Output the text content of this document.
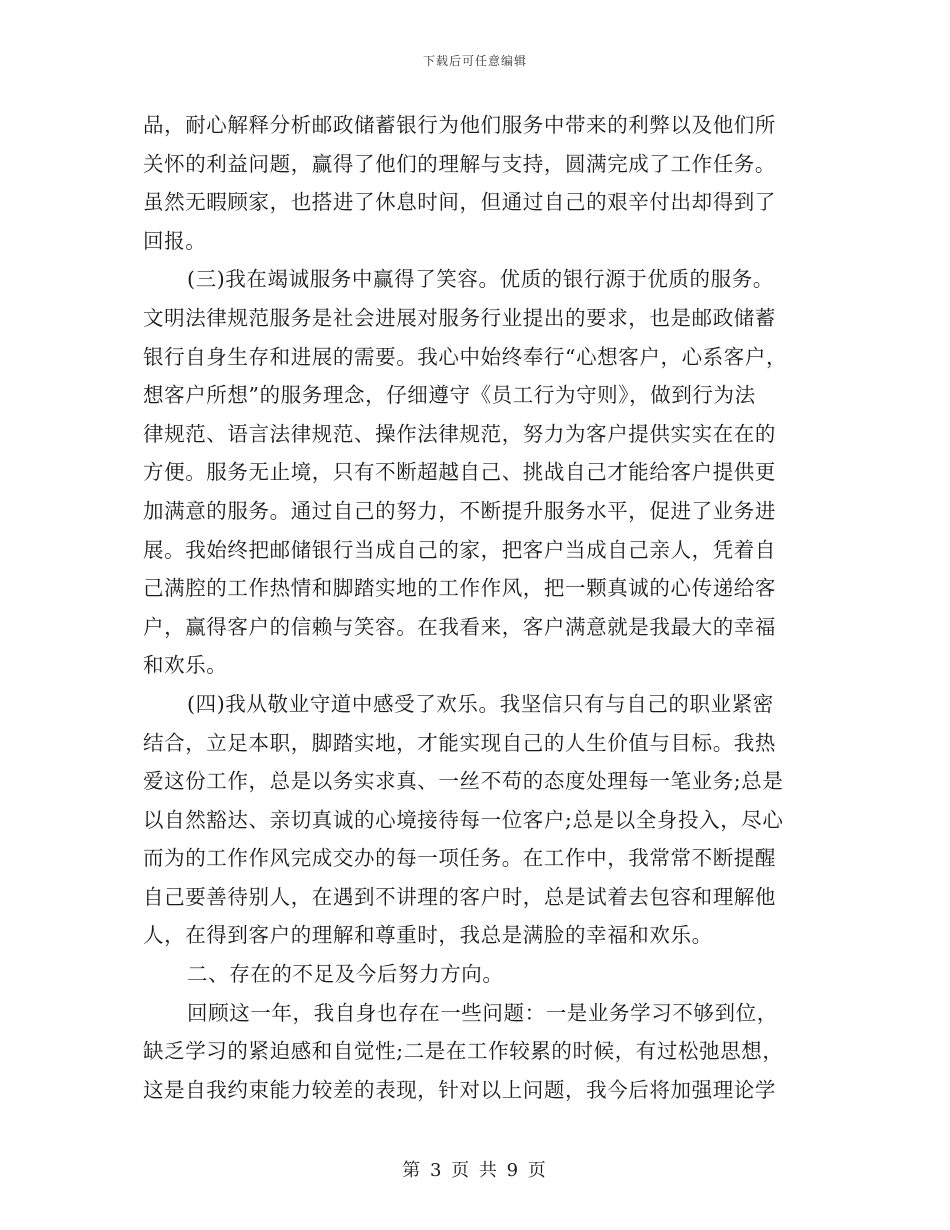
下载后可任意编辑
品，耐心解释分析邮政储蓄银行为他们服务中带来的利弊以及他们所
关怀的利益问题，赢得了他们的理解与支持，圆满完成了工作任务。
虽然无暇顾家，也搭进了休息时间，但通过自己的艰辛付出却得到了
回报。
(三)我在竭诚服务中赢得了笑容。优质的银行源于优质的服务。
文明法律规范服务是社会进展对服务行业提出的要求，也是邮政储蓄
银行自身生存和进展的需要。我心中始终奉行“心想客户，心系客户，
想客户所想”的服务理念，仔细遵守《员工行为守则》，做到行为法
律规范、语言法律规范、操作法律规范，努力为客户提供实实在在的
方便。服务无止境，只有不断超越自己、挑战自己才能给客户提供更
加满意的服务。通过自己的努力，不断提升服务水平，促进了业务进
展。我始终把邮储银行当成自己的家，把客户当成自己亲人，凭着自
己满腔的工作热情和脚踏实地的工作作风，把一颗真诚的心传递给客
户，赢得客户的信赖与笑容。在我看来，客户满意就是我最大的幸福
和欢乐。
(四)我从敬业守道中感受了欢乐。我坚信只有与自己的职业紧密
结合，立足本职，脚踏实地，才能实现自己的人生价值与目标。我热
爱这份工作，总是以务实求真、一丝不苟的态度处理每一笔业务;总是
以自然豁达、亲切真诚的心境接待每一位客户;总是以全身投入，尽心
而为的工作作风完成交办的每一项任务。在工作中，我常常不断提醒
自己要善待别人，在遇到不讲理的客户时，总是试着去包容和理解他
人，在得到客户的理解和尊重时，我总是满脸的幸福和欢乐。
二、存在的不足及今后努力方向。
回顾这一年，我自身也存在一些问题：一是业务学习不够到位，
缺乏学习的紧迫感和自觉性;二是在工作较累的时候，有过松弛思想，
这是自我约束能力较差的表现，针对以上问题，我今后将加强理论学
第 3 页 共 9 页
